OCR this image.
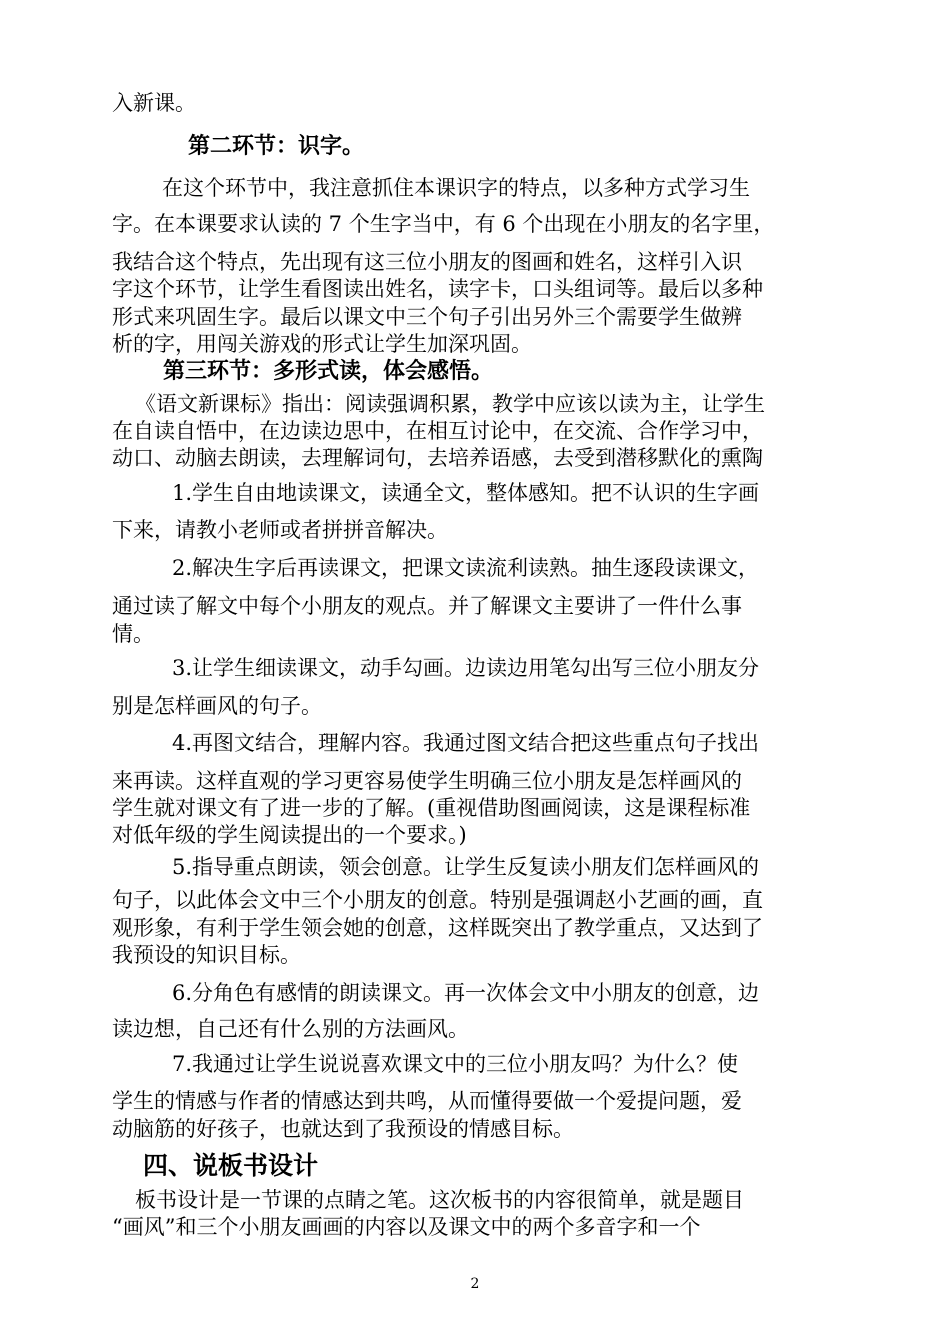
入新课。
第二环节：识字。
在这个环节中，我注意抓住本课识字的特点，以多种方式学习生
字。在本课要求认读的 7 个生字当中，有 6 个出现在小朋友的名字里，
我结合这个特点，先出现有这三位小朋友的图画和姓名，这样引入识
字这个环节，让学生看图读出姓名，读字卡，口头组词等。最后以多种
形式来巩固生字。最后以课文中三个句子引出另外三个需要学生做辨
析的字，用闯关游戏的形式让学生加深巩固。
第三环节：多形式读，体会感悟。
《语文新课标》指出：阅读强调积累，教学中应该以读为主，让学生
在自读自悟中，在边读边思中，在相互讨论中，在交流、合作学习中，
动口、动脑去朗读，去理解词句，去培养语感，去受到潜移默化的熏陶
1.学生自由地读课文，读通全文，整体感知。把不认识的生字画
下来，请教小老师或者拼拼音解决。
2.解决生字后再读课文，把课文读流利读熟。抽生逐段读课文，
通过读了解文中每个小朋友的观点。并了解课文主要讲了一件什么事
情。
3.让学生细读课文，动手勾画。边读边用笔勾出写三位小朋友分
别是怎样画风的句子。
4.再图文结合，理解内容。我通过图文结合把这些重点句子找出
来再读。这样直观的学习更容易使学生明确三位小朋友是怎样画风的
学生就对课文有了进一步的了解。(重视借助图画阅读，这是课程标准
对低年级的学生阅读提出的一个要求。)
5.指导重点朗读，领会创意。让学生反复读小朋友们怎样画风的
句子，以此体会文中三个小朋友的创意。特别是强调赵小艺画的画，直
观形象，有利于学生领会她的创意，这样既突出了教学重点，又达到了
我预设的知识目标。
6.分角色有感情的朗读课文。再一次体会文中小朋友的创意，边
读边想，自己还有什么别的方法画风。
7.我通过让学生说说喜欢课文中的三位小朋友吗？为什么？使
学生的情感与作者的情感达到共鸣，从而懂得要做一个爱提问题，爱
动脑筋的好孩子，也就达到了我预设的情感目标。
四、说板书设计
板书设计是一节课的点睛之笔。这次板书的内容很简单，就是题目
“画风”和三个小朋友画画的内容以及课文中的两个多音字和一个
2
